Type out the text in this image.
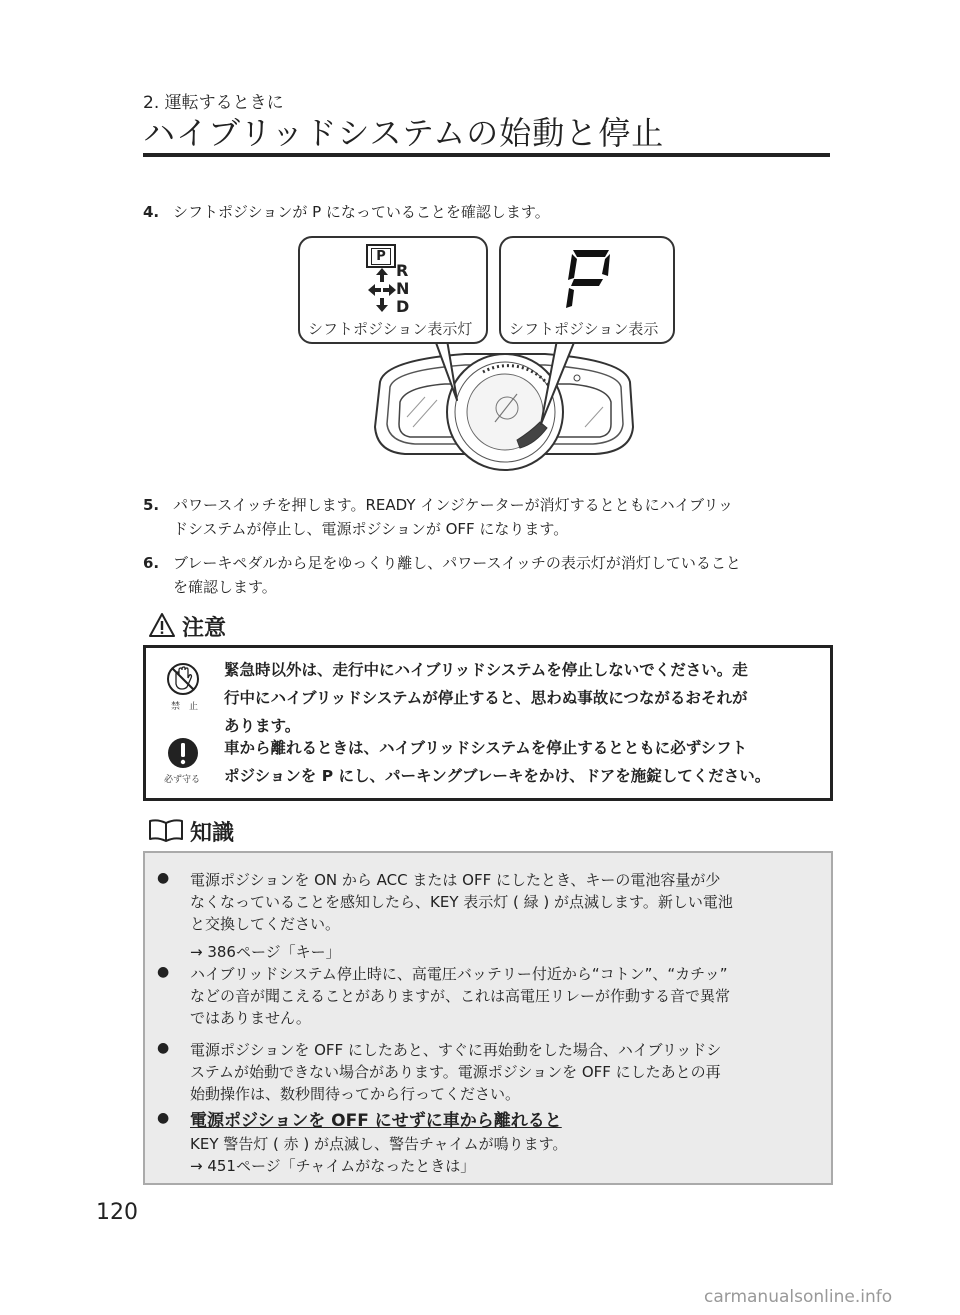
2. 運転するときに
ハイブリッドシステムの始動と停止
4. シフトポジションが P になっていることを確認します。
P
R
N
D
シフトポジション表示灯
P
シフトポジション表示
5. パワースイッチを押します。READY インジケーターが消灯するとともにハイブリッ
ドシステムが停止し、電源ポジションが OFF になります。
6. ブレーキペダルから足をゆっくり離し、パワースイッチの表示灯が消灯していること
を確認します。
注意
禁　止
必ず守る
緊急時以外は、走行中にハイブリッドシステムを停止しないでください。走
行中にハイブリッドシステムが停止すると、思わぬ事故につながるおそれが
あります。
車から離れるときは、ハイブリッドシステムを停止するとともに必ずシフト
ポジションを P にし、パーキングブレーキをかけ、ドアを施錠してください。
知識
● 電源ポジションを ON から ACC または OFF にしたとき、キーの電池容量が少
なくなっていることを感知したら、KEY 表示灯 ( 緑 ) が点滅します。新しい電池
と交換してください。
→ 386ページ「キー」
● ハイブリッドシステム停止時に、高電圧バッテリー付近から“コトン”、“カチッ”
などの音が聞こえることがありますが、これは高電圧リレーが作動する音で異常
ではありません。
● 電源ポジションを OFF にしたあと、すぐに再始動をした場合、ハイブリッドシ
ステムが始動できない場合があります。電源ポジションを OFF にしたあとの再
始動操作は、数秒間待ってから行ってください。
● 電源ポジションを OFF にせずに車から離れると
KEY 警告灯 ( 赤 ) が点滅し、警告チャイムが鳴ります。
→ 451ページ「チャイムがなったときは」
120
carmanualsonline.info
